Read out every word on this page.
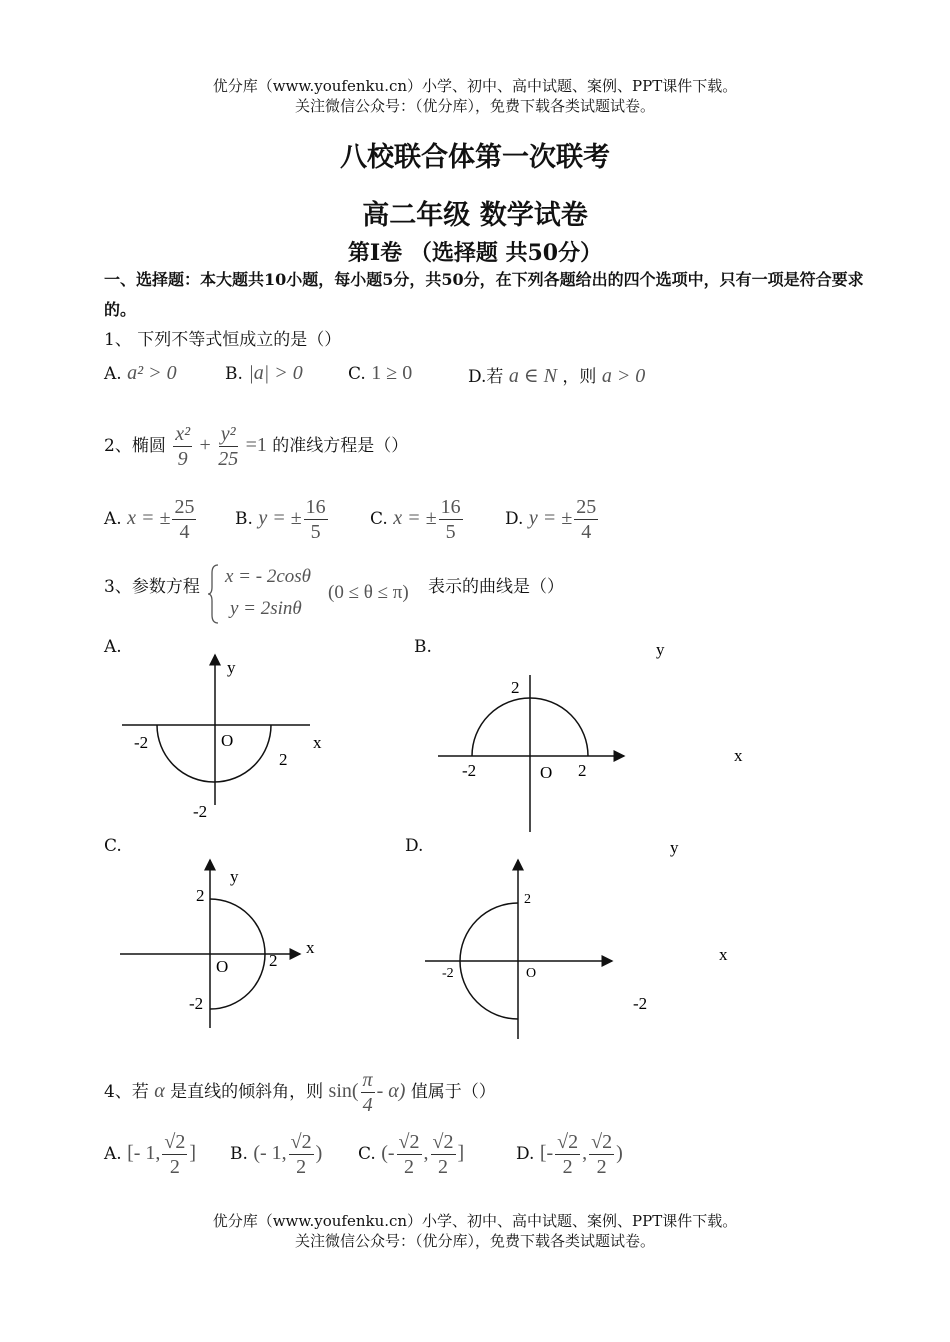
优分库（www.youfenku.cn）小学、初中、高中试题、案例、PPT课件下载。
关注微信公众号：（优分库），免费下载各类试题试卷。
八校联合体第一次联考
高二年级 数学试卷
第Ⅰ卷 （选择题 共50分）
一、选择题：本大题共10小题，每小题5分，共50分，在下列各题给出的四个选项中，只有一项是符合要求的。
1、 下列不等式恒成立的是（）
A. a² > 0	B. |a| > 0	C. 1 ≥ 0	D.若 a ∈ N ，则 a > 0
2、椭圆 $\frac{\text{x²}}{9} + \frac{\text{y²}}{25} =1$ 的准线方程是（）
A. x = ± $\frac{25}{4} B$. y = ± $\frac{16}{5} C$. x = ± $\frac{16}{5} D$. y = ± $\frac{25}{4}$
3、参数方程 x = - 2cosθ
y = 2sinθ
(0 ≤ θ ≤ π) 表示的曲线是（）
A.
y
x
O
-2
2
-2
B.	y
x
O
-2	2
2
C.
y
x
O 2
2
-2
D.	y
x
O
-2
2
-2
4、若 α 是直线的倾斜角，则 $\sin( \frac{\pi}{4} - \alpha)$ 值属于（）
A. [- 1, $\frac{√2}{2}$ ] B. (- 1, $\frac{√2}{2}$ ) C. (- $\frac{√2}{2}$ , $\frac{√2}{2}$ ]	D. [- $\frac{√2}{2}$ , $\frac{√2}{2}$ )
优分库（www.youfenku.cn）小学、初中、高中试题、案例、PPT课件下载。
关注微信公众号：（优分库），免费下载各类试题试卷。
